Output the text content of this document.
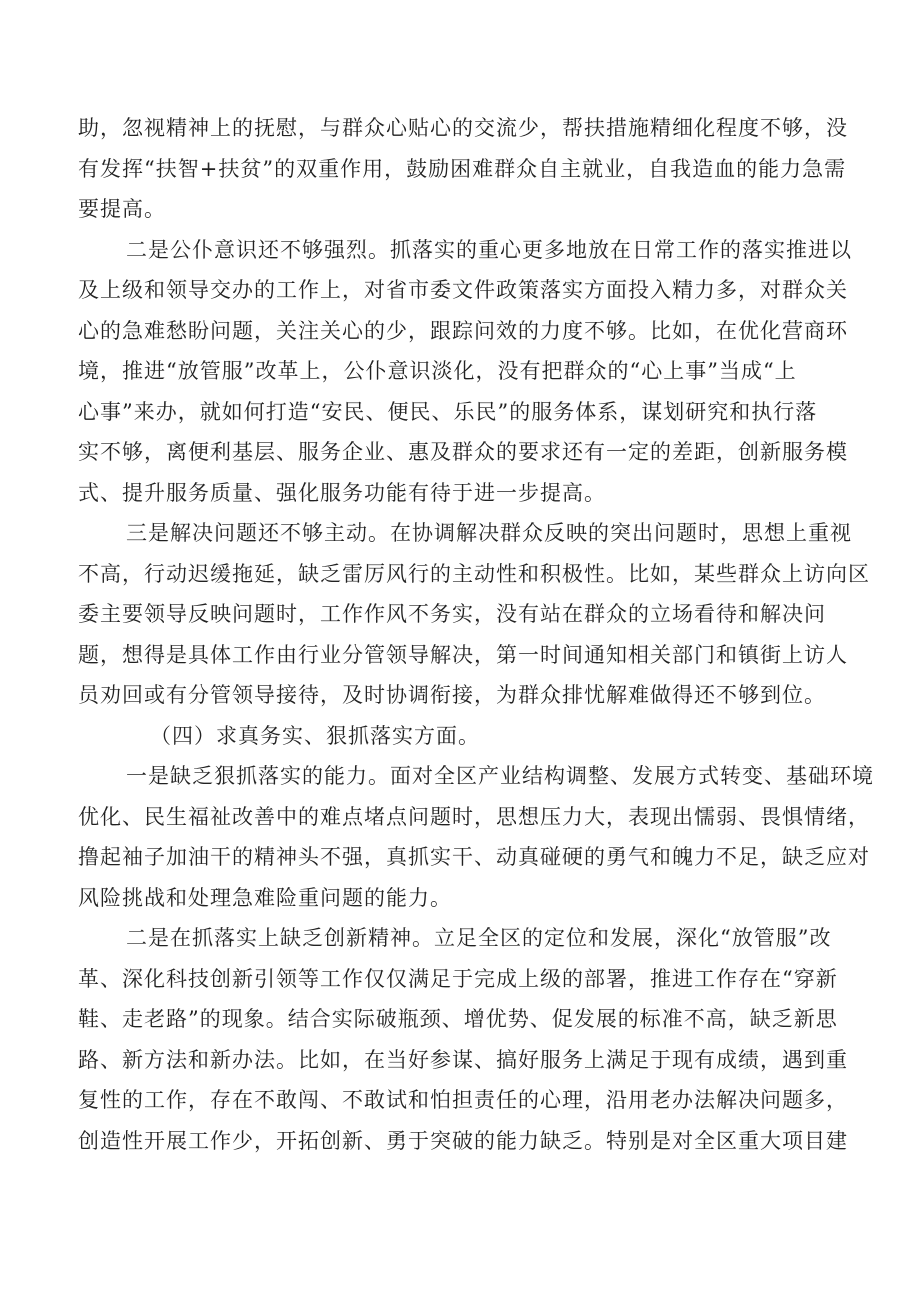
助，忽视精神上的抚慰，与群众心贴心的交流少，帮扶措施精细化程度不够，没
有发挥“扶智+扶贫”的双重作用，鼓励困难群众自主就业，自我造血的能力急需
要提高。
二是公仆意识还不够强烈。抓落实的重心更多地放在日常工作的落实推进以
及上级和领导交办的工作上，对省市委文件政策落实方面投入精力多，对群众关
心的急难愁盼问题，关注关心的少，跟踪问效的力度不够。比如，在优化营商环
境，推进“放管服”改革上，公仆意识淡化，没有把群众的“心上事”当成“上
心事”来办，就如何打造“安民、便民、乐民”的服务体系，谋划研究和执行落
实不够，离便利基层、服务企业、惠及群众的要求还有一定的差距，创新服务模
式、提升服务质量、强化服务功能有待于进一步提高。
三是解决问题还不够主动。在协调解决群众反映的突出问题时，思想上重视
不高，行动迟缓拖延，缺乏雷厉风行的主动性和积极性。比如，某些群众上访向区
委主要领导反映问题时，工作作风不务实，没有站在群众的立场看待和解决问
题，想得是具体工作由行业分管领导解决，第一时间通知相关部门和镇街上访人
员劝回或有分管领导接待，及时协调衔接，为群众排忧解难做得还不够到位。
（四）求真务实、狠抓落实方面。
一是缺乏狠抓落实的能力。面对全区产业结构调整、发展方式转变、基础环境
优化、民生福祉改善中的难点堵点问题时，思想压力大，表现出懦弱、畏惧情绪，
撸起袖子加油干的精神头不强，真抓实干、动真碰硬的勇气和魄力不足，缺乏应对
风险挑战和处理急难险重问题的能力。
二是在抓落实上缺乏创新精神。立足全区的定位和发展，深化“放管服”改
革、深化科技创新引领等工作仅仅满足于完成上级的部署，推进工作存在“穿新
鞋、走老路”的现象。结合实际破瓶颈、增优势、促发展的标准不高，缺乏新思
路、新方法和新办法。比如，在当好参谋、搞好服务上满足于现有成绩，遇到重
复性的工作，存在不敢闯、不敢试和怕担责任的心理，沿用老办法解决问题多，
创造性开展工作少，开拓创新、勇于突破的能力缺乏。特别是对全区重大项目建
